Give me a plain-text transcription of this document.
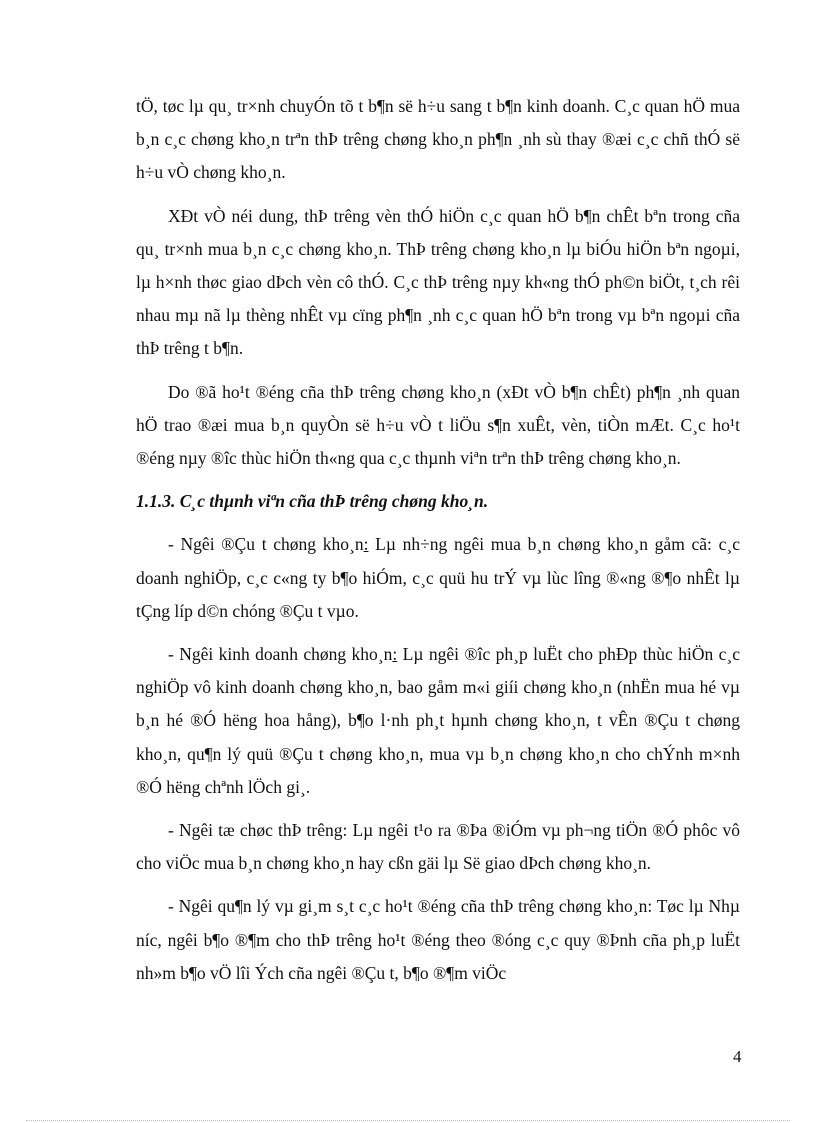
tÖ, tøc lµ qu¸ tr×nh chuyÓn tõ t b¶n së h÷u sang t b¶n kinh doanh. C¸c quan hÖ mua b¸n c¸c chøng kho¸n trªn thÞ trêng chøng kho¸n ph¶n ¸nh sù thay ®æi c¸c chñ thÓ së h÷u vÒ chøng kho¸n.

XÐt vÒ néi dung, thÞ trêng vèn thÓ hiÖn c¸c quan hÖ b¶n chÊt bªn trong cña qu¸ tr×nh mua b¸n c¸c chøng kho¸n. ThÞ trêng chøng kho¸n lµ biÓu hiÖn bªn ngoµi, lµ h×nh thøc giao dÞch vèn cô thÓ. C¸c thÞ trêng nµy kh«ng thÓ ph©n biÖt, t¸ch rêi nhau mµ nã lµ thèng nhÊt vµ cïng ph¶n ¸nh c¸c quan hÖ bªn trong vµ bªn ngoµi cña thÞ trêng t b¶n.

Do ®ã ho¹t ®éng cña thÞ trêng chøng kho¸n (xÐt vÒ b¶n chÊt) ph¶n ¸nh quan hÖ trao ®æi mua b¸n quyÒn së h÷u vÒ t liÖu s¶n xuÊt, vèn, tiÒn mÆt. C¸c ho¹t ®éng nµy ®îc thùc hiÖn th«ng qua c¸c thµnh viªn trªn thÞ trêng chøng kho¸n.

1.1.3. C¸c thµnh viªn cña thÞ trêng chøng kho¸n.

- Ngêi ®Çu t chøng kho¸n: Lµ nh÷ng ngêi mua b¸n chøng kho¸n gåm cã: c¸c doanh nghiÖp, c¸c c«ng ty b¶o hiÓm, c¸c quü hu trÝ vµ lùc lîng ®«ng ®¶o nhÊt lµ tÇng líp d©n chóng ®Çu t vµo.

- Ngêi kinh doanh chøng kho¸n: Lµ ngêi ®îc ph¸p luËt cho phÐp thùc hiÖn c¸c nghiÖp vô kinh doanh chøng kho¸n, bao gåm m«i giíi chøng kho¸n (nhËn mua hé vµ b¸n hé ®Ó hëng hoa hång), b¶o l·nh ph¸t hµnh chøng kho¸n, t vÊn ®Çu t chøng kho¸n, qu¶n lý quü ®Çu t chøng kho¸n, mua vµ b¸n chøng kho¸n cho chÝnh m×nh ®Ó hëng chªnh lÖch gi¸.

- Ngêi tæ chøc thÞ trêng: Lµ ngêi t¹o ra ®Þa ®iÓm vµ ph¬ng tiÖn ®Ó phôc vô cho viÖc mua b¸n chøng kho¸n hay cßn gäi lµ Së giao dÞch chøng kho¸n.

- Ngêi qu¶n lý vµ gi¸m s¸t c¸c ho¹t ®éng cña thÞ trêng chøng kho¸n: Tøc lµ Nhµ níc, ngêi b¶o ®¶m cho thÞ trêng ho¹t ®éng theo ®óng c¸c quy ®Þnh cña ph¸p luËt nh»m b¶o vÖ lîi Ých cña ngêi ®Çu t, b¶o ®¶m viÖc

4
